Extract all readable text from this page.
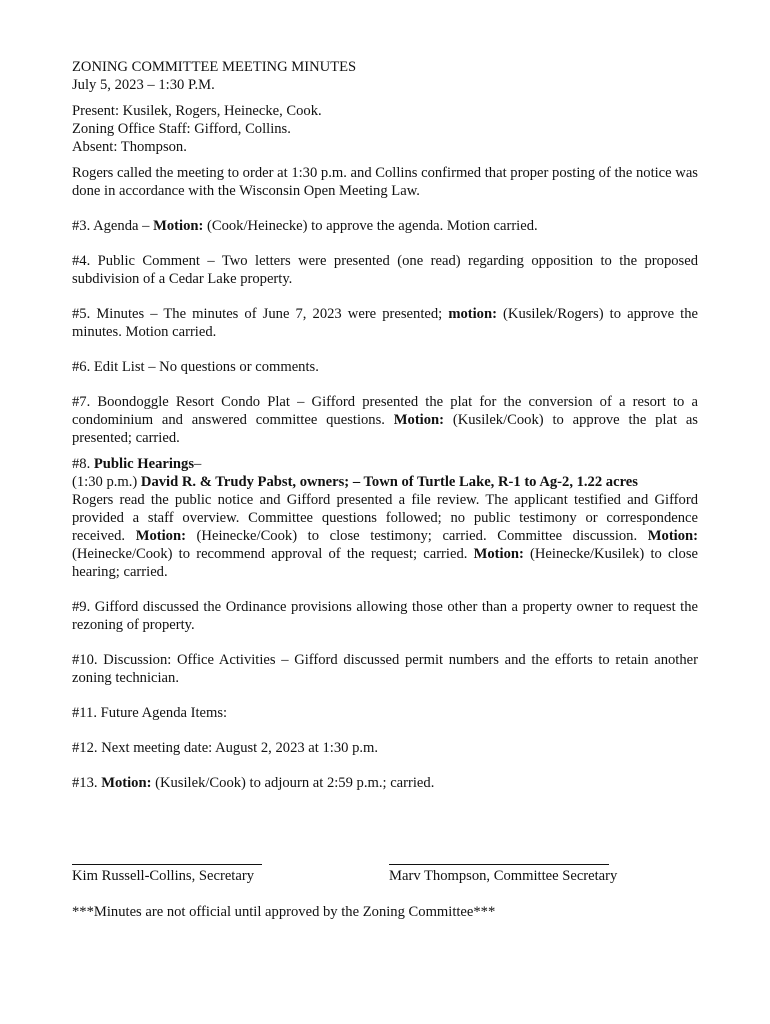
ZONING COMMITTEE MEETING MINUTES
July 5, 2023 – 1:30 P.M.
Present: Kusilek, Rogers, Heinecke, Cook.
Zoning Office Staff: Gifford, Collins.
Absent: Thompson.

Rogers called the meeting to order at 1:30 p.m. and Collins confirmed that proper posting of the notice was done in accordance with the Wisconsin Open Meeting Law.

#3. Agenda – Motion: (Cook/Heinecke) to approve the agenda. Motion carried.

#4. Public Comment – Two letters were presented (one read) regarding opposition to the proposed subdivision of a Cedar Lake property.

#5. Minutes – The minutes of June 7, 2023 were presented; motion: (Kusilek/Rogers) to approve the minutes. Motion carried.

#6. Edit List – No questions or comments.

#7. Boondoggle Resort Condo Plat – Gifford presented the plat for the conversion of a resort to a condominium and answered committee questions. Motion: (Kusilek/Cook) to approve the plat as presented; carried.

#8. Public Hearings–
(1:30 p.m.) David R. & Trudy Pabst, owners; – Town of Turtle Lake, R-1 to Ag-2, 1.22 acres

Rogers read the public notice and Gifford presented a file review. The applicant testified and Gifford provided a staff overview. Committee questions followed; no public testimony or correspondence received. Motion: (Heinecke/Cook) to close testimony; carried. Committee discussion. Motion: (Heinecke/Cook) to recommend approval of the request; carried. Motion: (Heinecke/Kusilek) to close hearing; carried.

#9. Gifford discussed the Ordinance provisions allowing those other than a property owner to request the rezoning of property.

#10. Discussion: Office Activities – Gifford discussed permit numbers and the efforts to retain another zoning technician.

#11. Future Agenda Items:

#12. Next meeting date: August 2, 2023 at 1:30 p.m.

#13. Motion: (Kusilek/Cook) to adjourn at 2:59 p.m.; carried.

Kim Russell-Collins, Secretary	Marv Thompson, Committee Secretary
***Minutes are not official until approved by the Zoning Committee***
